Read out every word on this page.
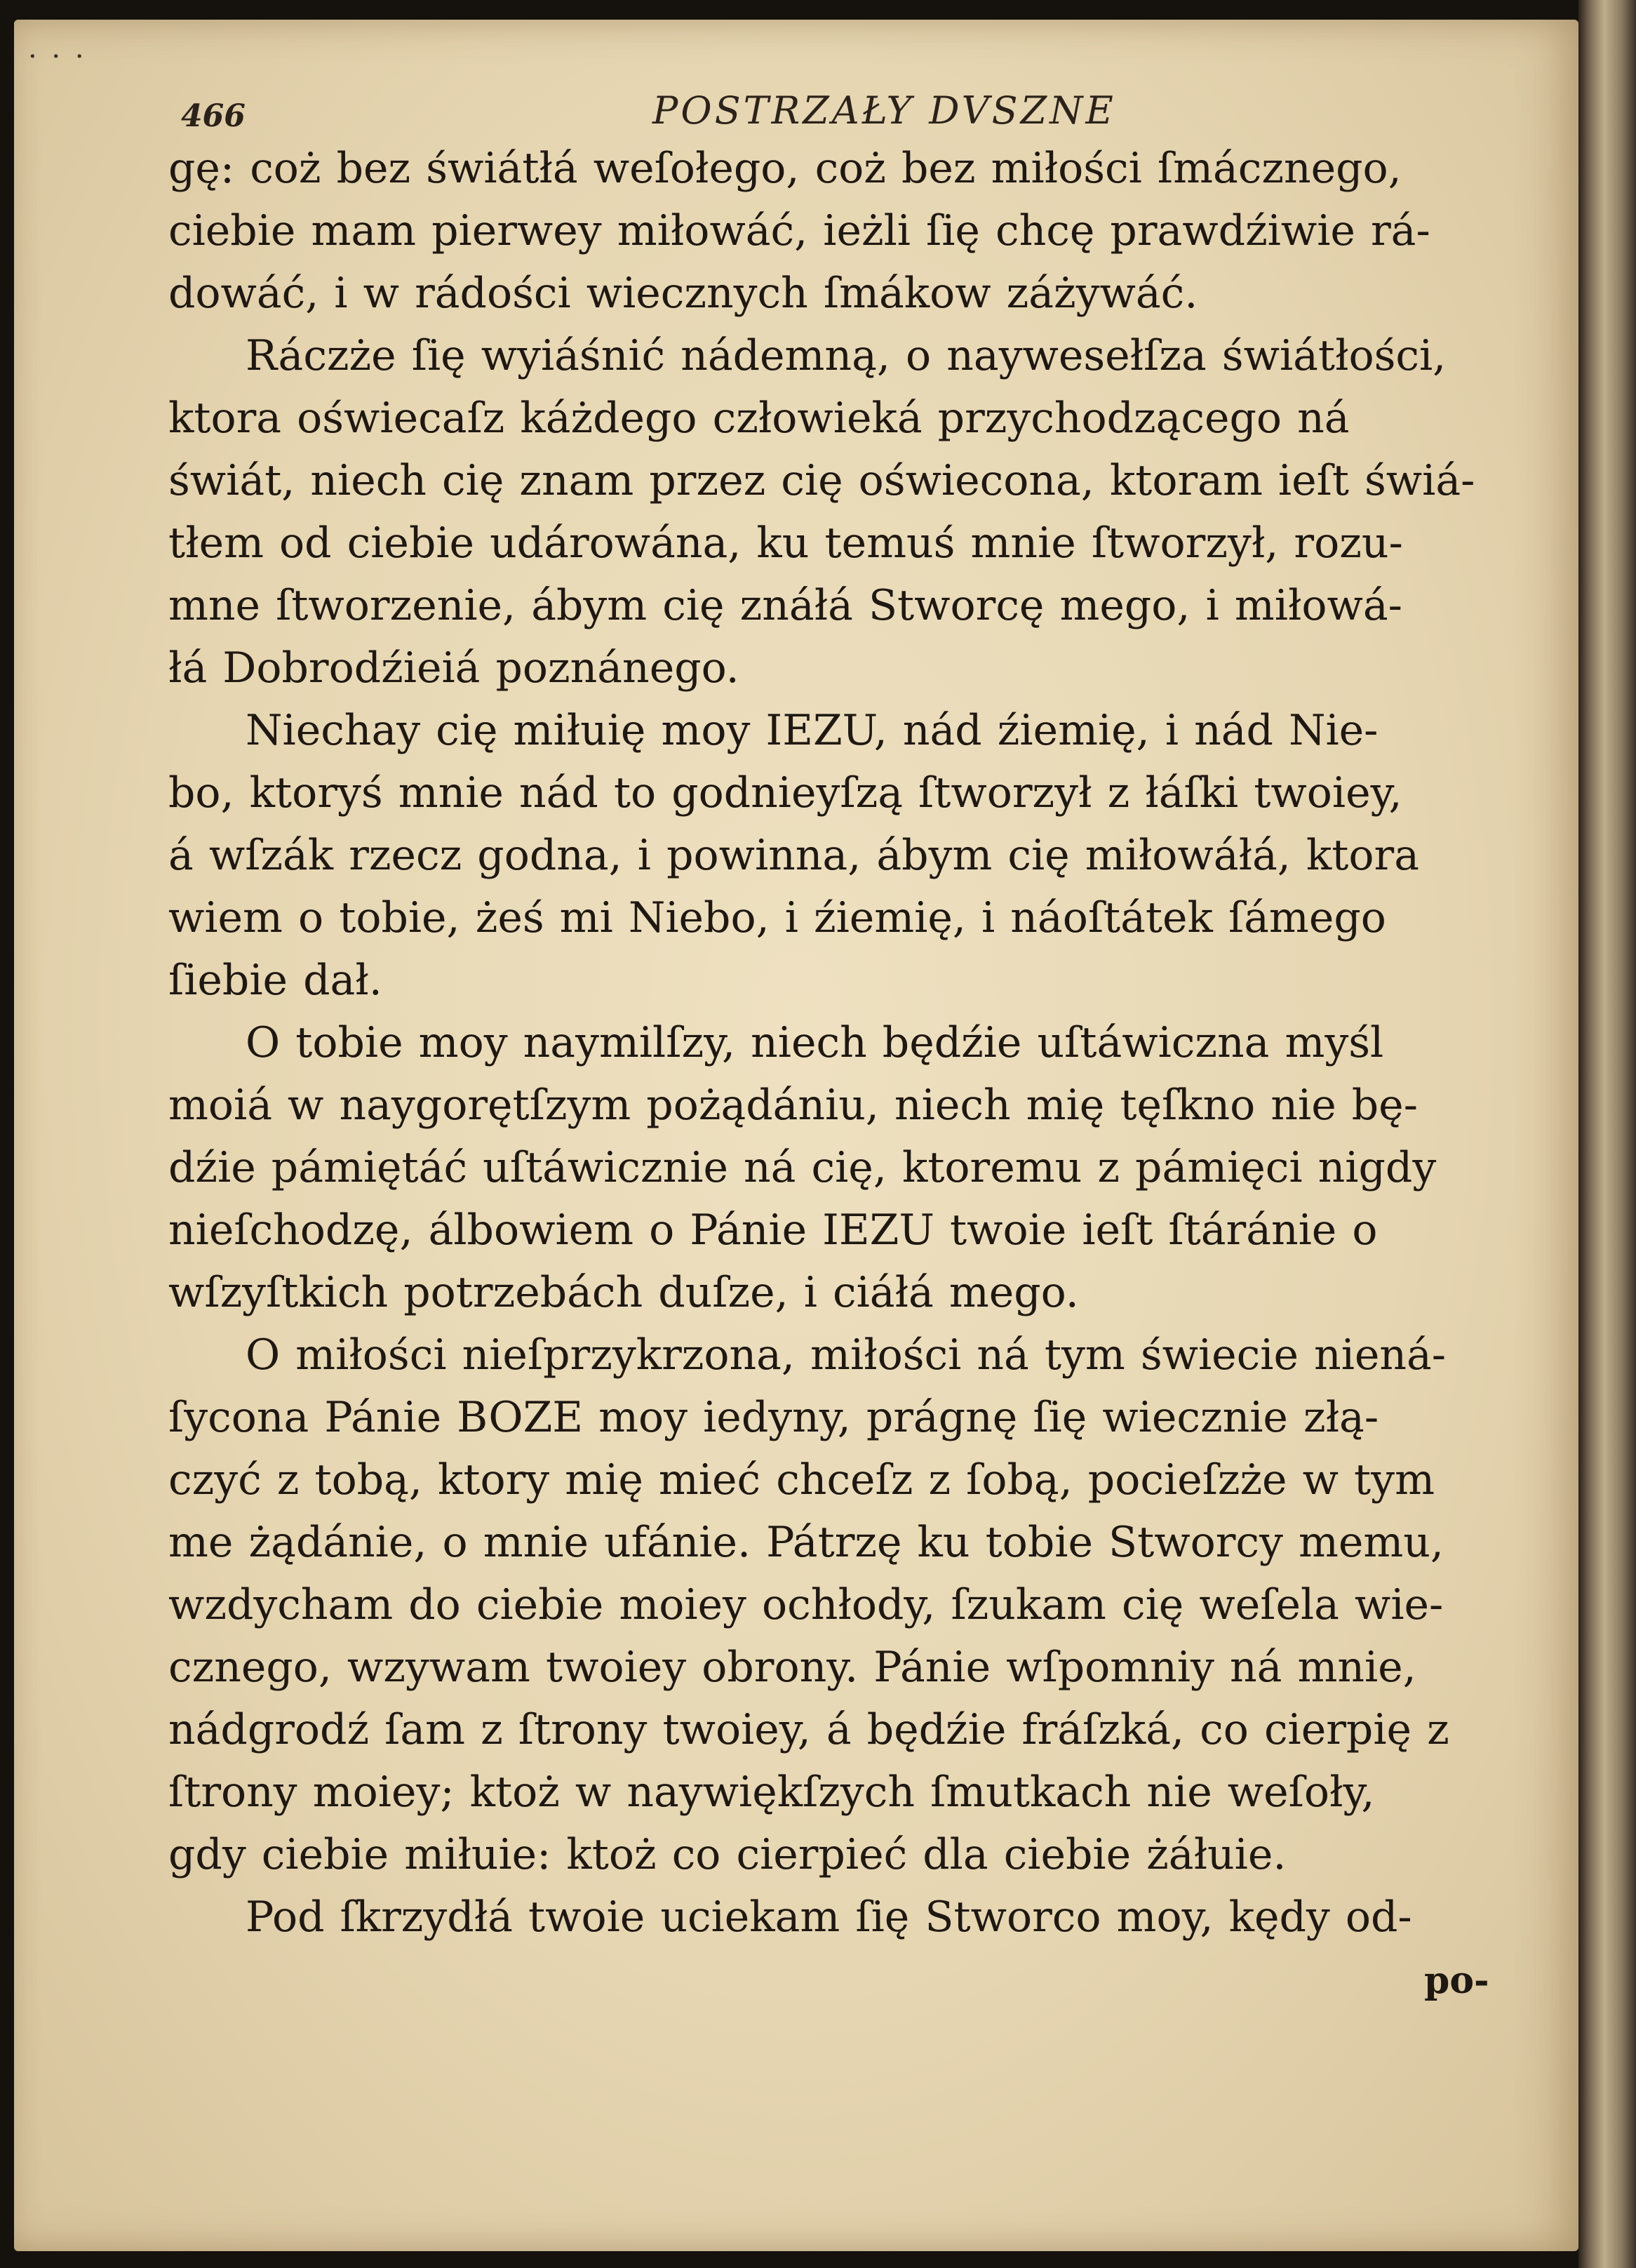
· · ·
466	POSTRZAŁY DVSZNE
gę: coż bez świátłá weſołego, coż bez miłości ſmácznego,
ciebie mam pierwey miłowáć, ieżli ſię chcę prawdźiwie rá-
dowáć, i w rádości wiecznych ſmákow záżywáć.
Ráczże ſię wyiáśnić nádemną, o naywesełſza świátłości,
ktora oświecaſz káżdego człowieká przychodzącego ná
świát, niech cię znam przez cię oświecona, ktoram ieſt świá-
tłem od ciebie udárowána, ku temuś mnie ſtworzył, rozu-
mne ſtworzenie, ábym cię znáłá Stworcę mego, i miłowá-
łá Dobrodźieiá poznánego.
Niechay cię miłuię moy IEZU, nád źiemię, i nád Nie-
bo, ktoryś mnie nád to godnieyſzą ſtworzył z łáſki twoiey,
á wſzák rzecz godna, i powinna, ábym cię miłowáłá, ktora
wiem o tobie, żeś mi Niebo, i źiemię, i náoſtátek ſámego
ſiebie dał.
O tobie moy naymilſzy, niech będźie uſtáwiczna myśl
moiá w naygorętſzym pożądániu, niech mię tęſkno nie bę-
dźie pámiętáć uſtáwicznie ná cię, ktoremu z pámięci nigdy
nieſchodzę, álbowiem o Pánie IEZU twoie ieſt ſtáránie o
wſzyſtkich potrzebách duſze, i ciáłá mego.
O miłości nieſprzykrzona, miłości ná tym świecie niená-
ſycona Pánie BOZE moy iedyny, prágnę ſię wiecznie złą-
czyć z tobą, ktory mię mieć chceſz z ſobą, pocieſzże w tym
me żądánie, o mnie ufánie. Pátrzę ku tobie Stworcy memu,
wzdycham do ciebie moiey ochłody, ſzukam cię weſela wie-
cznego, wzywam twoiey obrony. Pánie wſpomniy ná mnie,
nádgrodź ſam z ſtrony twoiey, á będźie fráſzká, co cierpię z
ſtrony moiey; ktoż w naywiękſzych ſmutkach nie weſoły,
gdy ciebie miłuie: ktoż co cierpieć dla ciebie żáłuie.
Pod ſkrzydłá twoie uciekam ſię Stworco moy, kędy od-
po-
